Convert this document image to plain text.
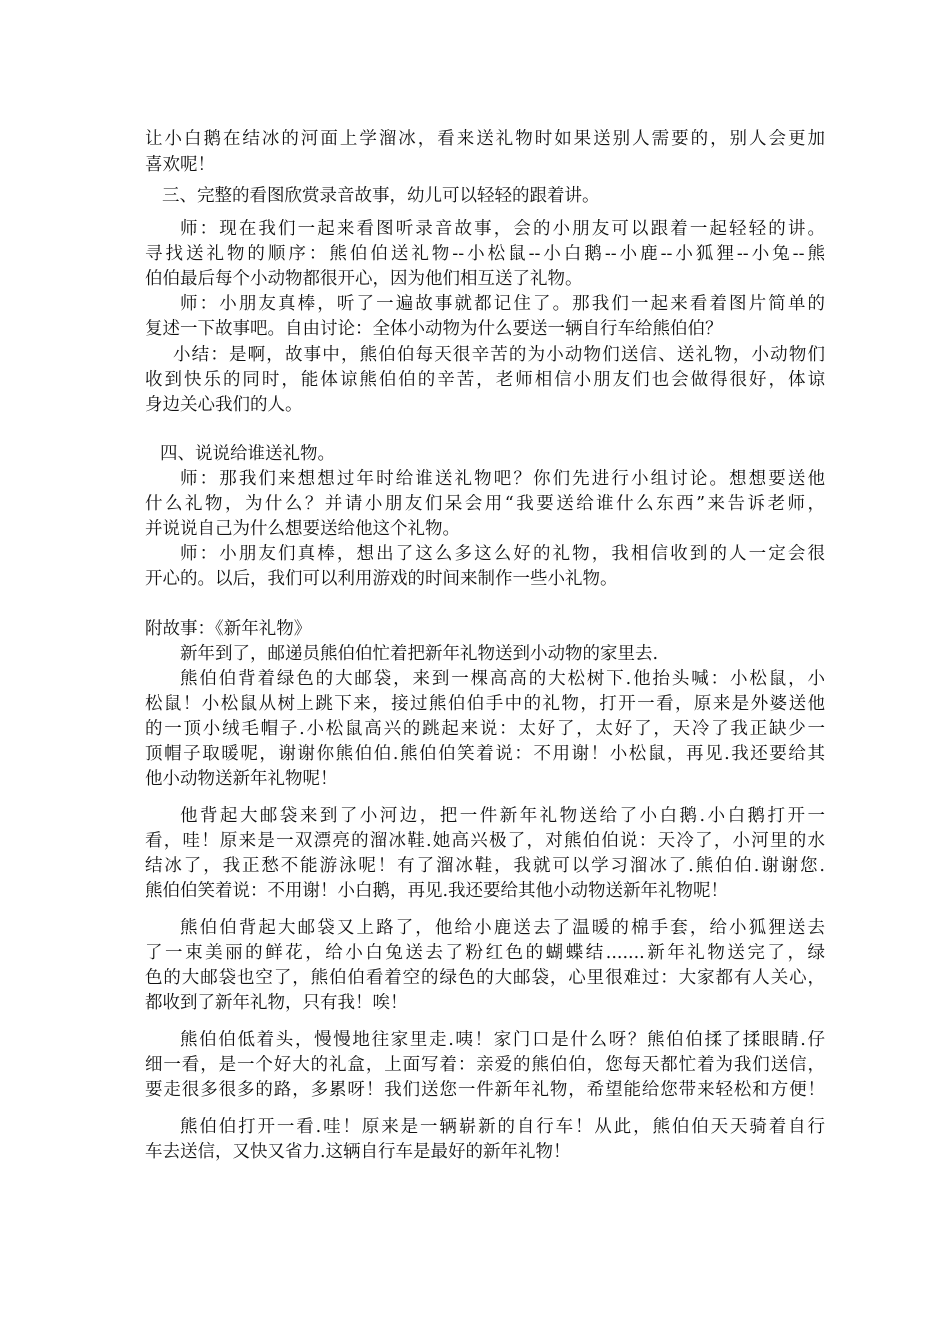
让小白鹅在结冰的河面上学溜冰，看来送礼物时如果送别人需要的，别人会更加
喜欢呢！
三、完整的看图欣赏录音故事，幼儿可以轻轻的跟着讲。
师：现在我们一起来看图听录音故事，会的小朋友可以跟着一起轻轻的讲。
寻找送礼物的顺序：熊伯伯送礼物--小松鼠--小白鹅--小鹿--小狐狸--小兔--熊
伯伯最后每个小动物都很开心，因为他们相互送了礼物。
师：小朋友真棒，听了一遍故事就都记住了。那我们一起来看着图片简单的
复述一下故事吧。自由讨论：全体小动物为什么要送一辆自行车给熊伯伯？
小结：是啊，故事中，熊伯伯每天很辛苦的为小动物们送信、送礼物，小动物们
收到快乐的同时，能体谅熊伯伯的辛苦，老师相信小朋友们也会做得很好，体谅
身边关心我们的人。
四、说说给谁送礼物。
师：那我们来想想过年时给谁送礼物吧？你们先进行小组讨论。想想要送他
什么礼物，为什么？并请小朋友们呆会用“我要送给谁什么东西”来告诉老师，
并说说自己为什么想要送给他这个礼物。
师：小朋友们真棒，想出了这么多这么好的礼物，我相信收到的人一定会很
开心的。以后，我们可以利用游戏的时间来制作一些小礼物。
附故事：《新年礼物》
新年到了，邮递员熊伯伯忙着把新年礼物送到小动物的家里去.
熊伯伯背着绿色的大邮袋，来到一棵高高的大松树下.他抬头喊：小松鼠，小
松鼠！小松鼠从树上跳下来，接过熊伯伯手中的礼物，打开一看，原来是外婆送他
的一顶小绒毛帽子.小松鼠高兴的跳起来说：太好了，太好了，天冷了我正缺少一
顶帽子取暖呢，谢谢你熊伯伯.熊伯伯笑着说：不用谢！小松鼠，再见.我还要给其
他小动物送新年礼物呢！
他背起大邮袋来到了小河边，把一件新年礼物送给了小白鹅.小白鹅打开一
看，哇！原来是一双漂亮的溜冰鞋.她高兴极了，对熊伯伯说：天冷了，小河里的水
结冰了，我正愁不能游泳呢！有了溜冰鞋，我就可以学习溜冰了.熊伯伯.谢谢您.
熊伯伯笑着说：不用谢！小白鹅，再见.我还要给其他小动物送新年礼物呢！
熊伯伯背起大邮袋又上路了，他给小鹿送去了温暖的棉手套，给小狐狸送去
了一束美丽的鲜花，给小白兔送去了粉红色的蝴蝶结.......新年礼物送完了，绿
色的大邮袋也空了，熊伯伯看着空的绿色的大邮袋，心里很难过：大家都有人关心，
都收到了新年礼物，只有我！唉！
熊伯伯低着头，慢慢地往家里走.咦！家门口是什么呀？熊伯伯揉了揉眼睛.仔
细一看，是一个好大的礼盒，上面写着：亲爱的熊伯伯，您每天都忙着为我们送信，
要走很多很多的路，多累呀！我们送您一件新年礼物，希望能给您带来轻松和方便！
熊伯伯打开一看.哇！原来是一辆崭新的自行车！从此，熊伯伯天天骑着自行
车去送信，又快又省力.这辆自行车是最好的新年礼物！
